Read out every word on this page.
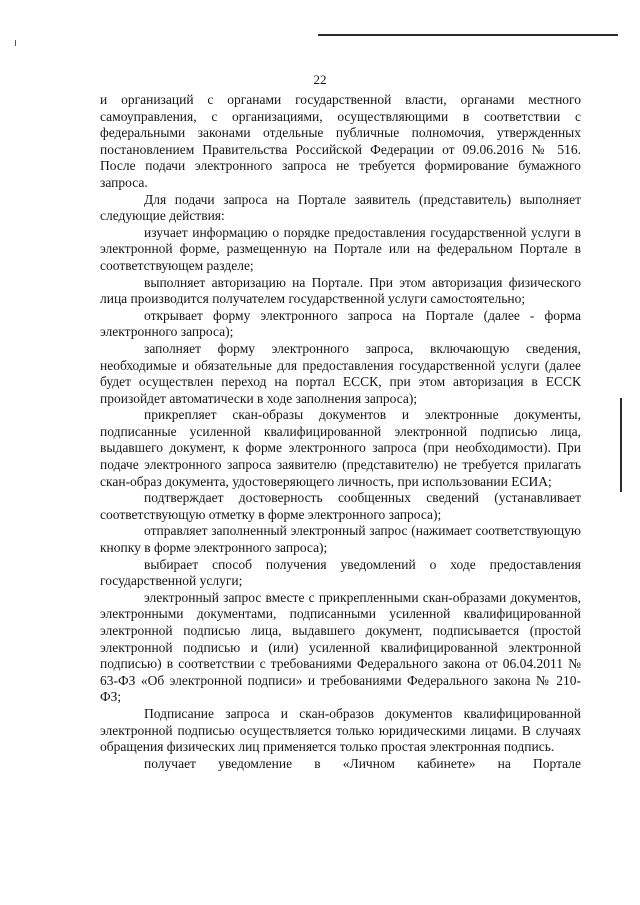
22

и организаций с органами государственной власти, органами местного самоуправления, с организациями, осуществляющими в соответствии с федеральными законами отдельные публичные полномочия, утвержденных постановлением Правительства Российской Федерации от 09.06.2016 № 516. После подачи электронного запроса не требуется формирование бумажного запроса.

Для подачи запроса на Портале заявитель (представитель) выполняет следующие действия:

изучает информацию о порядке предоставления государственной услуги в электронной форме, размещенную на Портале или на федеральном Портале в соответствующем разделе;

выполняет авторизацию на Портале. При этом авторизация физического лица производится получателем государственной услуги самостоятельно;

открывает форму электронного запроса на Портале (далее - форма электронного запроса);

заполняет форму электронного запроса, включающую сведения, необходимые и обязательные для предоставления государственной услуги (далее будет осуществлен переход на портал ЕССК, при этом авторизация в ЕССК произойдет автоматически в ходе заполнения запроса);

прикрепляет скан-образы документов и электронные документы, подписанные усиленной квалифицированной электронной подписью лица, выдавшего документ, к форме электронного запроса (при необходимости). При подаче электронного запроса заявителю (представителю) не требуется прилагать скан-образ документа, удостоверяющего личность, при использовании ЕСИА;

подтверждает достоверность сообщенных сведений (устанавливает соответствующую отметку в форме электронного запроса);

отправляет заполненный электронный запрос (нажимает соответствующую кнопку в форме электронного запроса);

выбирает способ получения уведомлений о ходе предоставления государственной услуги;

электронный запрос вместе с прикрепленными скан-образами документов, электронными документами, подписанными усиленной квалифицированной электронной подписью лица, выдавшего документ, подписывается (простой электронной подписью и (или) усиленной квалифицированной электронной подписью) в соответствии с требованиями Федерального закона от 06.04.2011 № 63-ФЗ «Об электронной подписи» и требованиями Федерального закона № 210-ФЗ;

Подписание запроса и скан-образов документов квалифицированной электронной подписью осуществляется только юридическими лицами. В случаях обращения физических лиц применяется только простая электронная подпись.

получает уведомление в «Личном кабинете» на Портале
